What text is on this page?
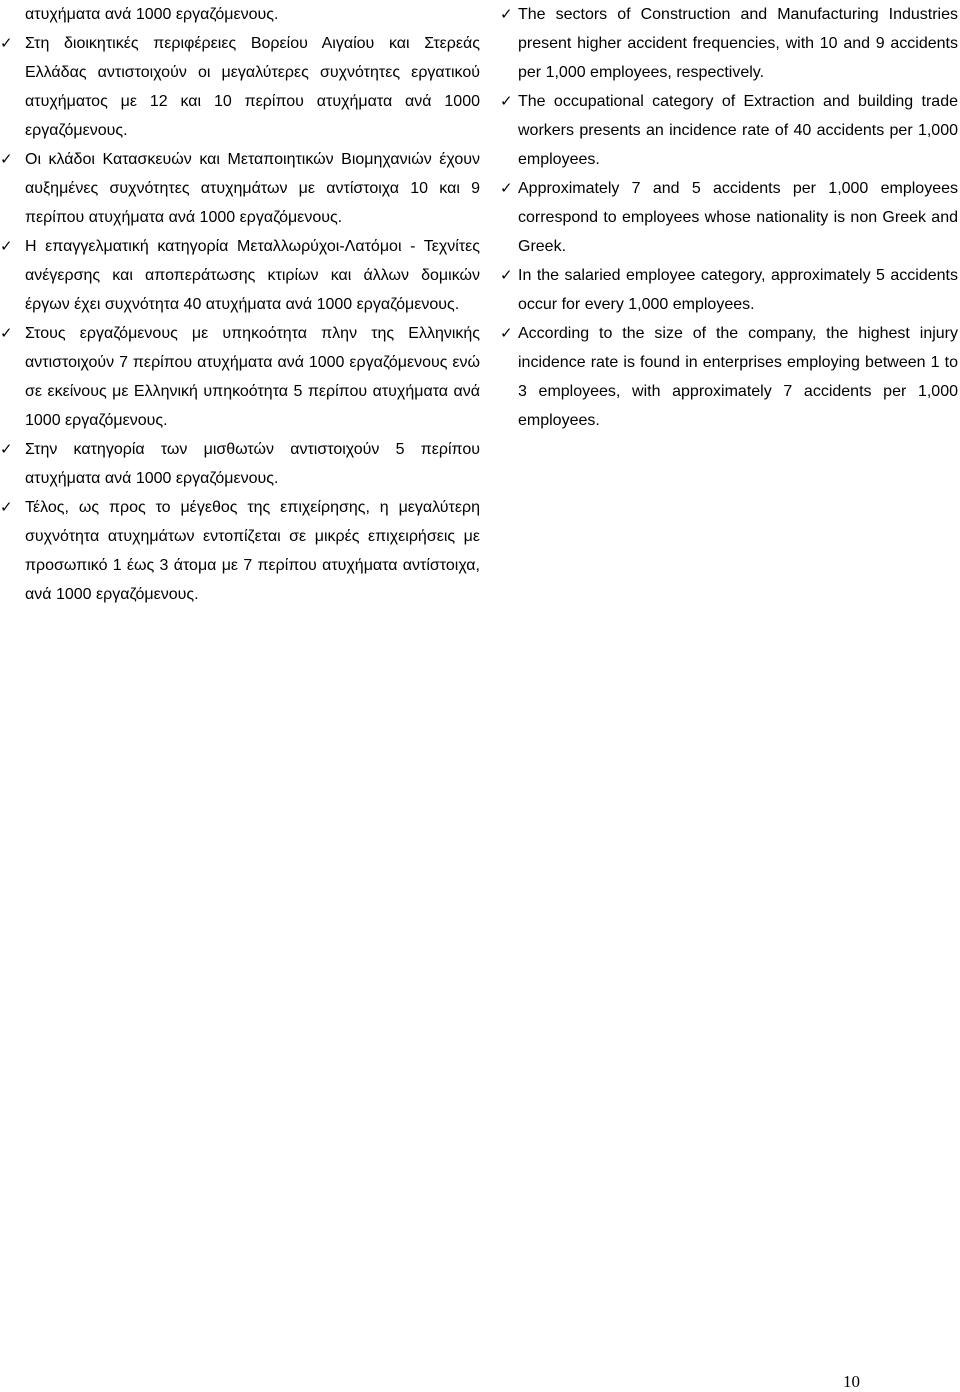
ατυχήματα ανά 1000 εργαζόμενους.
✓ Στη διοικητικές περιφέρειες Βορείου Αιγαίου και Στερεάς Ελλάδας αντιστοιχούν οι μεγαλύτερες συχνότητες εργατικού ατυχήματος με 12 και 10 περίπου ατυχήματα ανά 1000 εργαζόμενους.
✓ Οι κλάδοι Κατασκευών και Μεταποιητικών Βιομηχανιών έχουν αυξημένες συχνότητες ατυχημάτων με αντίστοιχα 10 και 9 περίπου ατυχήματα ανά 1000 εργαζόμενους.
✓ Η επαγγελματική κατηγορία Μεταλλωρύχοι-Λατόμοι - Τεχνίτες ανέγερσης και αποπεράτωσης κτιρίων και άλλων δομικών έργων έχει συχνότητα 40 ατυχήματα ανά 1000 εργαζόμενους.
✓ Στους εργαζόμενους με υπηκοότητα πλην της Ελληνικής αντιστοιχούν 7 περίπου ατυχήματα ανά 1000 εργαζόμενους ενώ σε εκείνους με Ελληνική υπηκοότητα 5 περίπου ατυχήματα ανά 1000 εργαζόμενους.
✓ Στην κατηγορία των μισθωτών αντιστοιχούν 5 περίπου ατυχήματα ανά 1000 εργαζόμενους.
✓ Τέλος, ως προς το μέγεθος της επιχείρησης, η μεγαλύτερη συχνότητα ατυχημάτων εντοπίζεται σε μικρές επιχειρήσεις με προσωπικό 1 έως 3 άτομα με 7 περίπου ατυχήματα αντίστοιχα, ανά 1000 εργαζόμενους.
✓ The sectors of Construction and Manufacturing Industries present higher accident frequencies, with 10 and 9 accidents per 1,000 employees, respectively.
✓ The occupational category of Extraction and building trade workers presents an incidence rate of 40 accidents per 1,000 employees.
✓ Approximately 7 and 5 accidents per 1,000 employees correspond to employees whose nationality is non Greek and Greek.
✓ In the salaried employee category, approximately 5 accidents occur for every 1,000 employees.
✓ According to the size of the company, the highest injury incidence rate is found in enterprises employing between 1 to 3 employees, with approximately 7 accidents per 1,000 employees.
10
